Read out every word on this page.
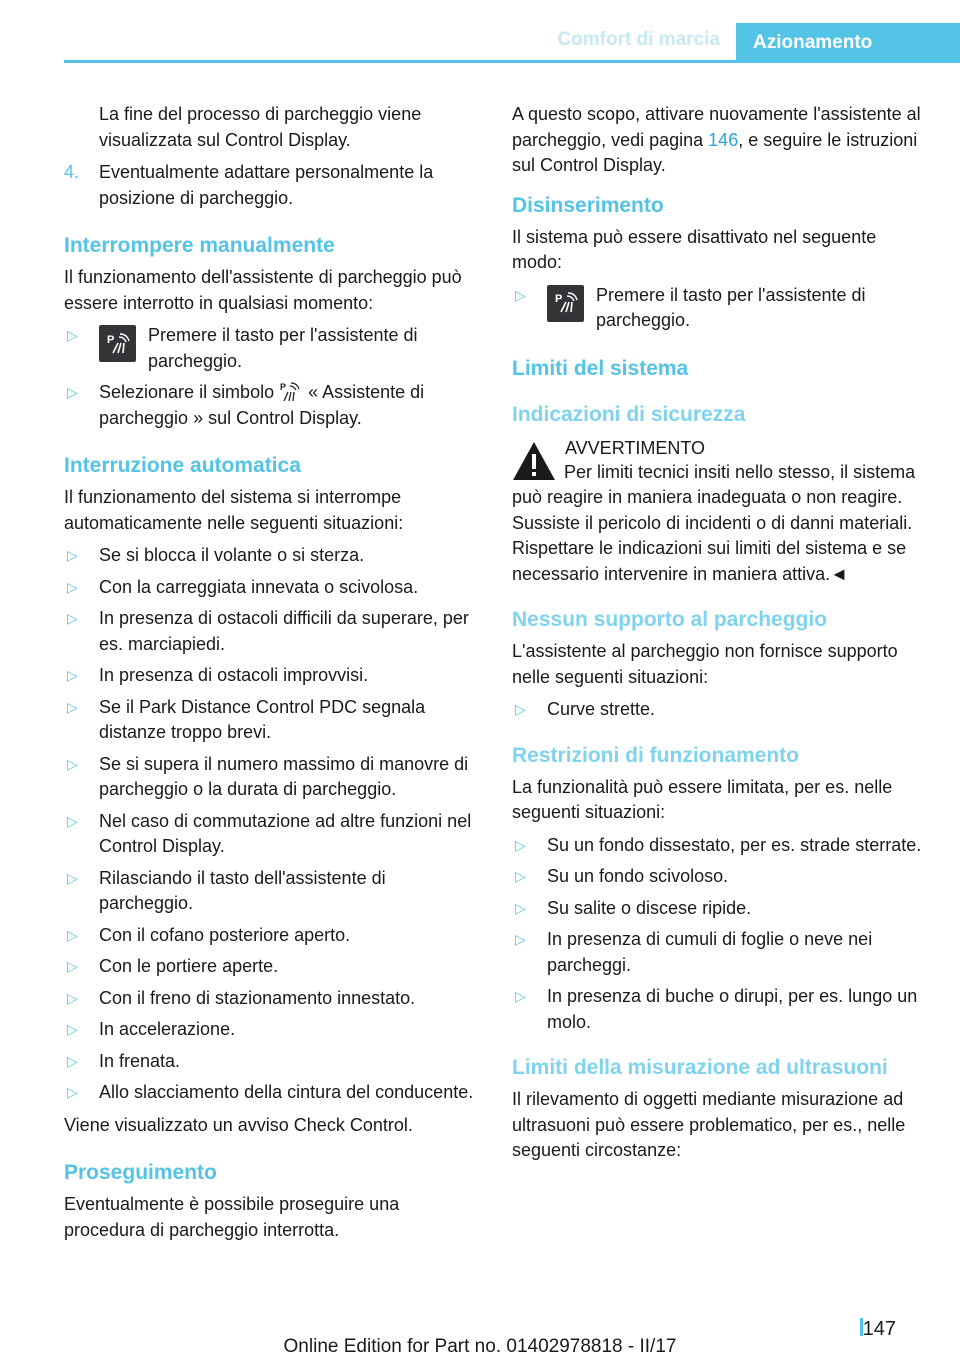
Comfort di marcia	Azionamento

La fine del processo di parcheggio viene visualizzata sul Control Display.

4. Eventualmente adattare personalmente la posizione di parcheggio.
Interrompere manualmente

Il funzionamento dell'assistente di parcheggio può essere interrotto in qualsiasi momento:

▷	P Premere il tasto per l'assistente di parcheggio.
▷ Selezionare il simbolo P « Assistente di parcheggio » sul Control Display.
Interruzione automatica

Il funzionamento del sistema si interrompe automaticamente nelle seguenti situazioni:

▷ Se si blocca il volante o si sterza.
▷ Con la carreggiata innevata o scivolosa.
▷ In presenza di ostacoli difficili da superare, per es. marciapiedi.
▷ In presenza di ostacoli improvvisi.
▷ Se il Park Distance Control PDC segnala distanze troppo brevi.
▷ Se si supera il numero massimo di manovre di parcheggio o la durata di parcheggio.
▷ Nel caso di commutazione ad altre funzioni nel Control Display.
▷ Rilasciando il tasto dell'assistente di parcheggio.
▷ Con il cofano posteriore aperto.
▷ Con le portiere aperte.
▷ Con il freno di stazionamento innestato.
▷ In accelerazione.
▷ In frenata.
▷ Allo slacciamento della cintura del conducente.

Viene visualizzato un avviso Check Control.

Proseguimento

Eventualmente è possibile proseguire una procedura di parcheggio interrotta.

A questo scopo, attivare nuovamente l'assistente al parcheggio, vedi pagina 146, e seguire le istruzioni sul Control Display.

Disinserimento

Il sistema può essere disattivato nel seguente modo:

▷	P Premere il tasto per l'assistente di parcheggio.
Limiti del sistema
Indicazioni di sicurezza
AVVERTIMENTO

Per limiti tecnici insiti nello stesso, il sistema può reagire in maniera inadeguata o non reagire. Sussiste il pericolo di incidenti o di danni materiali. Rispettare le indicazioni sui limiti del sistema e se necessario intervenire in maniera attiva.◄

Nessun supporto al parcheggio

L'assistente al parcheggio non fornisce supporto nelle seguenti situazioni:

▷ Curve strette.
Restrizioni di funzionamento

La funzionalità può essere limitata, per es. nelle seguenti situazioni:

▷ Su un fondo dissestato, per es. strade sterrate.
▷ Su un fondo scivoloso.
▷ Su salite o discese ripide.
▷ In presenza di cumuli di foglie o neve nei parcheggi.
▷ In presenza di buche o dirupi, per es. lungo un molo.
Limiti della misurazione ad ultrasuoni

Il rilevamento di oggetti mediante misurazione ad ultrasuoni può essere problematico, per es., nelle seguenti circostanze:

147
Online Edition for Part no. 01402978818 - II/17
